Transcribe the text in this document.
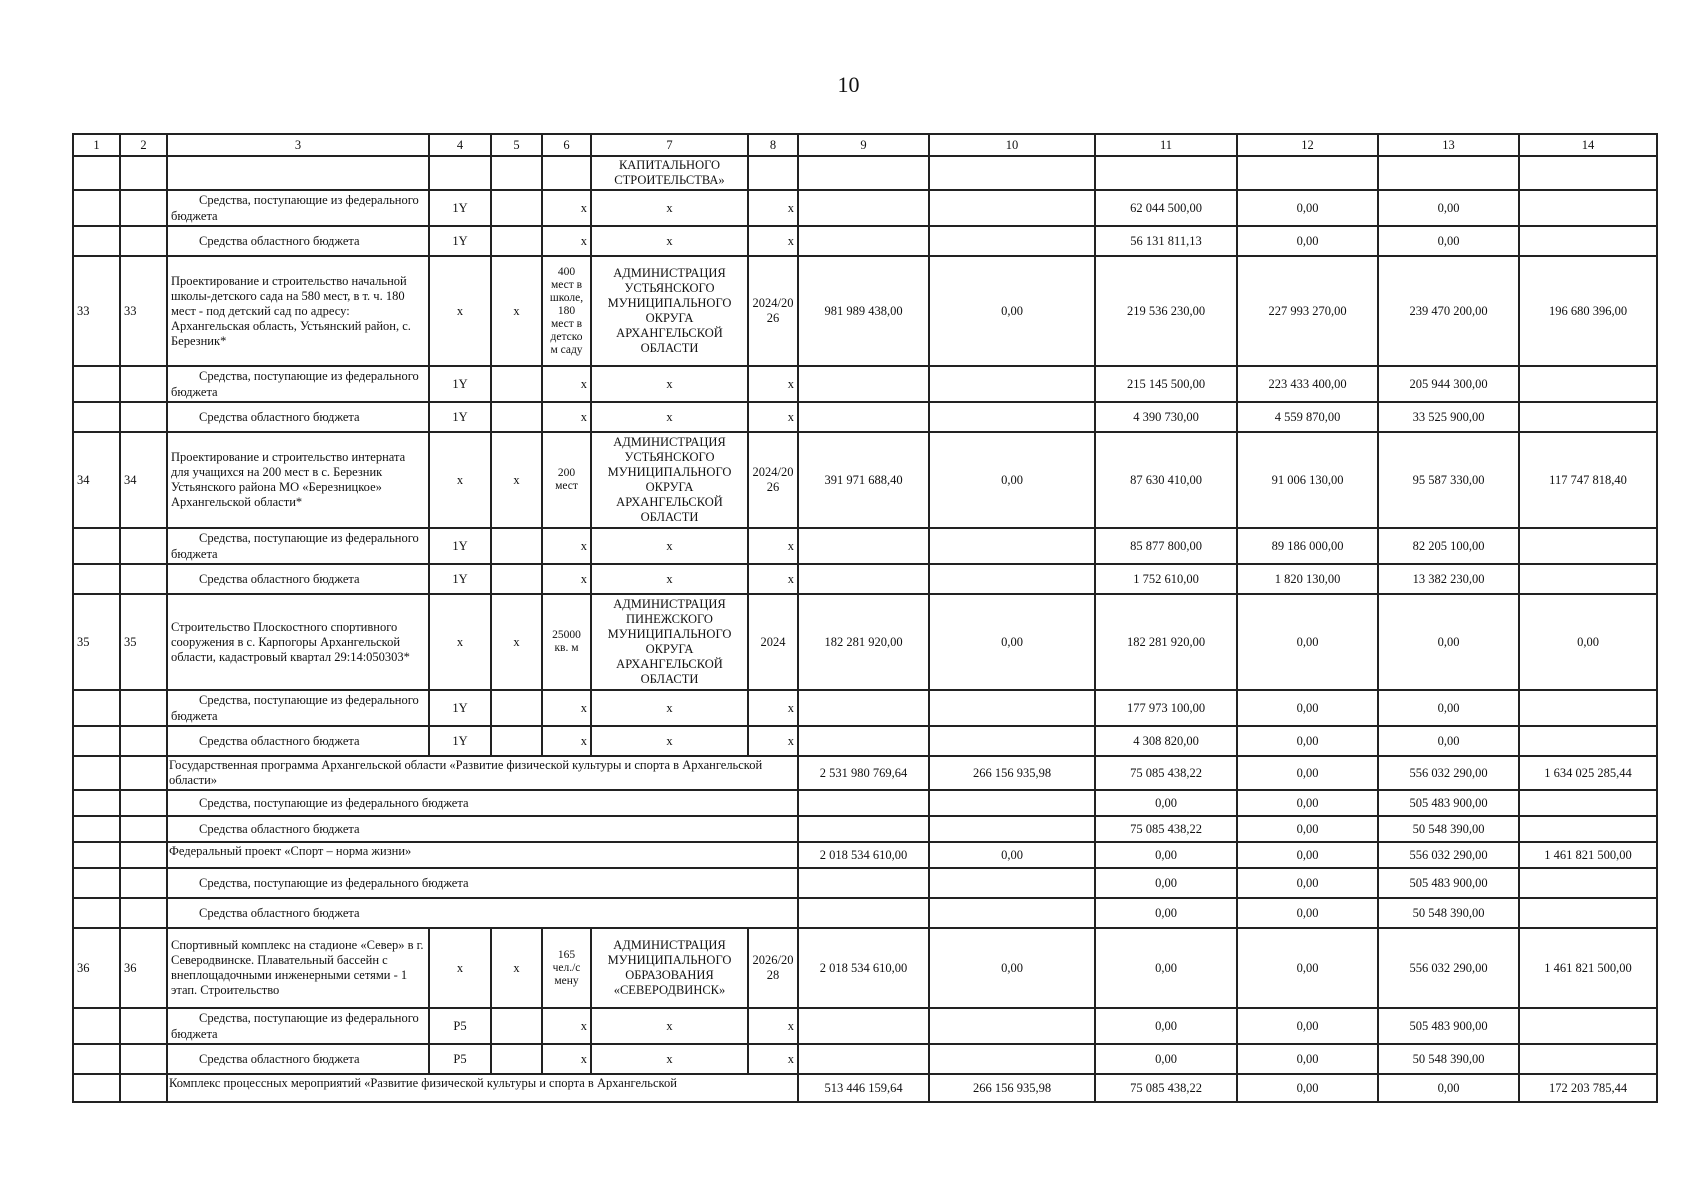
10
1	2	3	4	5	6	7	8	9	10	11	12	13	14
						КАПИТАЛЬНОГО СТРОИТЕЛЬСТВА»							
		Средства, поступающие из федерального бюджета	1Y		х	х	х			62 044 500,00	0,00	0,00	
		Средства областного бюджета	1Y		х	х	х			56 131 811,13	0,00	0,00	
33	33	Проектирование и строительство начальной школы-детского сада на 580 мест, в т. ч. 180 мест - под детский сад по адресу: Архангельская область, Устьянский район, с. Березник*	х	х	400 мест в школе, 180 мест в детско м саду	АДМИНИСТРАЦИЯ УСТЬЯНСКОГО МУНИЦИПАЛЬНОГО ОКРУГА АРХАНГЕЛЬСКОЙ ОБЛАСТИ	2024/20 26	981 989 438,00	0,00	219 536 230,00	227 993 270,00	239 470 200,00	196 680 396,00
		Средства, поступающие из федерального бюджета	1Y		х	х	х			215 145 500,00	223 433 400,00	205 944 300,00	
		Средства областного бюджета	1Y		х	х	х			4 390 730,00	4 559 870,00	33 525 900,00	
34	34	Проектирование и строительство интерната для учащихся на 200 мест в с. Березник Устьянского района МО «Березницкое» Архангельской области*	х	х	200 мест	АДМИНИСТРАЦИЯ УСТЬЯНСКОГО МУНИЦИПАЛЬНОГО ОКРУГА АРХАНГЕЛЬСКОЙ ОБЛАСТИ	2024/20 26	391 971 688,40	0,00	87 630 410,00	91 006 130,00	95 587 330,00	117 747 818,40
		Средства, поступающие из федерального бюджета	1Y		х	х	х			85 877 800,00	89 186 000,00	82 205 100,00	
		Средства областного бюджета	1Y		х	х	х			1 752 610,00	1 820 130,00	13 382 230,00	
35	35	Строительство Плоскостного спортивного сооружения в с. Карпогоры Архангельской области, кадастровый квартал 29:14:050303*	х	х	25000 кв. м	АДМИНИСТРАЦИЯ ПИНЕЖСКОГО МУНИЦИПАЛЬНОГО ОКРУГА АРХАНГЕЛЬСКОЙ ОБЛАСТИ	2024	182 281 920,00	0,00	182 281 920,00	0,00	0,00	0,00
		Средства, поступающие из федерального бюджета	1Y		х	х	х			177 973 100,00	0,00	0,00	
		Средства областного бюджета	1Y		х	х	х			4 308 820,00	0,00	0,00	
		Государственная программа Архангельской области «Развитие физической культуры и спорта в Архангельской области»						2 531 980 769,64	266 156 935,98	75 085 438,22	0,00	556 032 290,00	1 634 025 285,44
		Средства, поступающие из федерального бюджета								0,00	0,00	505 483 900,00	
		Средства областного бюджета								75 085 438,22	0,00	50 548 390,00	
		Федеральный проект «Спорт – норма жизни»						2 018 534 610,00	0,00	0,00	0,00	556 032 290,00	1 461 821 500,00
		Средства, поступающие из федерального бюджета								0,00	0,00	505 483 900,00	
		Средства областного бюджета								0,00	0,00	50 548 390,00	
36	36	Спортивный комплекс на стадионе «Север» в г. Северодвинске. Плавательный бассейн с внеплощадочными инженерными сетями - 1 этап. Строительство	х	х	165 чел./с мену	АДМИНИСТРАЦИЯ МУНИЦИПАЛЬНОГО ОБРАЗОВАНИЯ «СЕВЕРОДВИНСК»	2026/20 28	2 018 534 610,00	0,00	0,00	0,00	556 032 290,00	1 461 821 500,00
		Средства, поступающие из федерального бюджета	Р5		х	х	х			0,00	0,00	505 483 900,00	
		Средства областного бюджета	Р5		х	х	х			0,00	0,00	50 548 390,00	
		Комплекс процессных мероприятий «Развитие физической культуры и спорта в Архангельской						513 446 159,64	266 156 935,98	75 085 438,22	0,00	0,00	172 203 785,44
